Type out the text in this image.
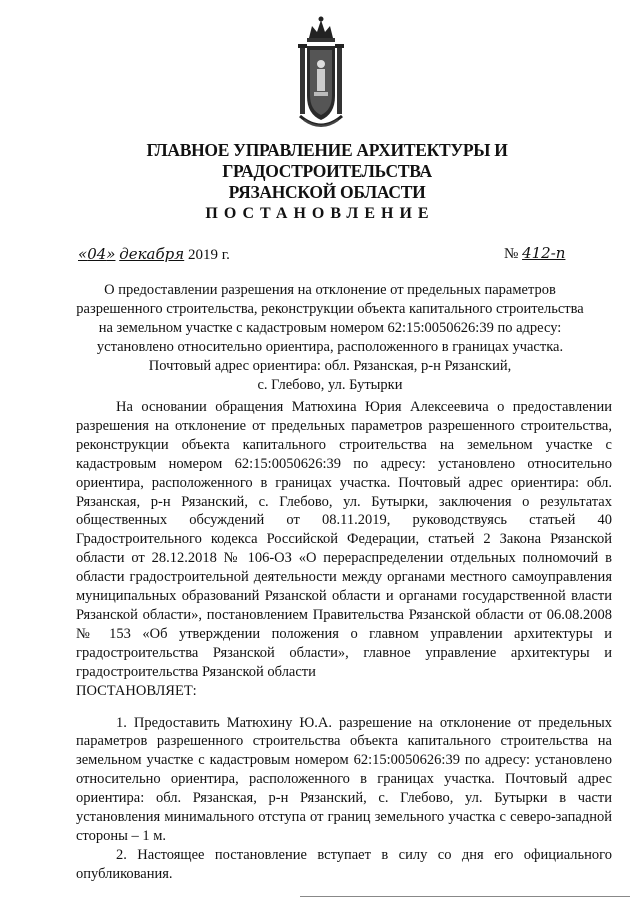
ГЛАВНОЕ УПРАВЛЕНИЕ АРХИТЕКТУРЫ И ГРАДОСТРОИТЕЛЬСТВА
РЯЗАНСКОЙ ОБЛАСТИ
ПОСТАНОВЛЕНИЕ
«04» декабря 2019 г.	№ 412-п
О предоставлении разрешения на отклонение от предельных параметров
разрешенного строительства, реконструкции объекта капитального строительства
на земельном участке с кадастровым номером 62:15:0050626:39 по адресу:
установлено относительно ориентира, расположенного в границах участка.
Почтовый адрес ориентира: обл. Рязанская, р-н Рязанский,
с. Глебово, ул. Бутырки

На основании обращения Матюхина Юрия Алексеевича о предоставлении разрешения на отклонение от предельных параметров разрешенного строительства, реконструкции объекта капитального строительства на земельном участке с кадастровым номером 62:15:0050626:39 по адресу: установлено относительно ориентира, расположенного в границах участка. Почтовый адрес ориентира: обл. Рязанская, р-н Рязанский, с. Глебово, ул. Бутырки, заключения о результатах общественных обсуждений от 08.11.2019, руководствуясь статьей 40 Градостроительного кодекса Российской Федерации, статьей 2 Закона Рязанской области от 28.12.2018 № 106-ОЗ «О перераспределении отдельных полномочий в области градостроительной деятельности между органами местного самоуправления муниципальных образований Рязанской области и органами государственной власти Рязанской области», постановлением Правительства Рязанской области от 06.08.2008 № 153 «Об утверждении положения о главном управлении архитектуры и градостроительства Рязанской области», главное управление архитектуры и градостроительства Рязанской области

ПОСТАНОВЛЯЕТ:

1. Предоставить Матюхину Ю.А. разрешение на отклонение от предельных параметров разрешенного строительства объекта капитального строительства на земельном участке с кадастровым номером 62:15:0050626:39 по адресу: установлено относительно ориентира, расположенного в границах участка. Почтовый адрес ориентира: обл. Рязанская, р-н Рязанский, с. Глебово, ул. Бутырки в части установления минимального отступа от границ земельного участка с северо-западной стороны – 1 м.

2. Настоящее постановление вступает в силу со дня его официального опубликования.
